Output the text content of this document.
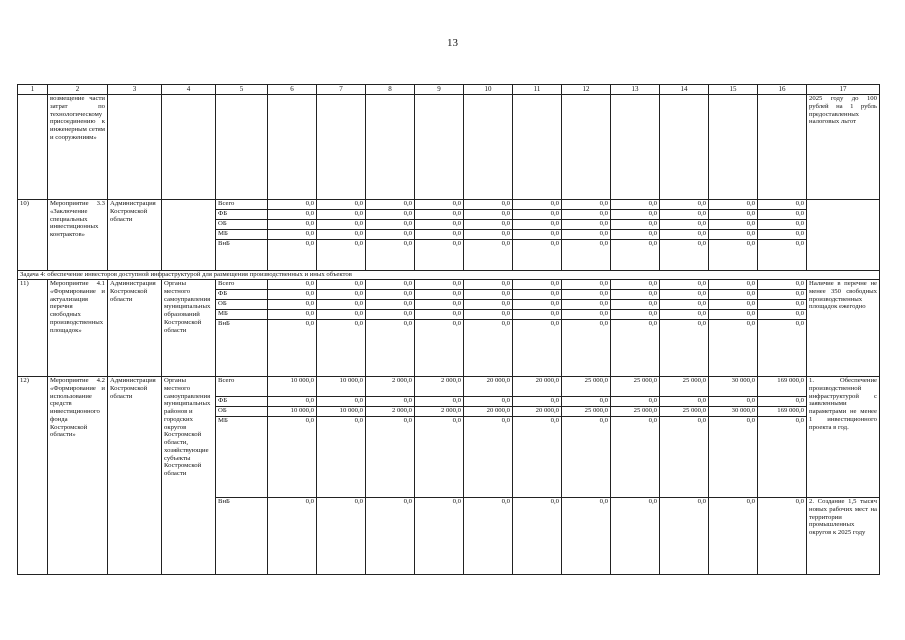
13
1	2	3	4	5	6	7	8	9	10	11	12	13	14	15	16	17
	возмещение части затрат по технологическому присоединению к инженерным сетям и сооружениям»															2025 году до 100 рублей на 1 рубль предоставленных налоговых льгот
10)	Мероприятие 3.3 «Заключение специальных инвестиционных контрактов»	Администрация Костромской области		Всего	0,0	0,0	0,0	0,0	0,0	0,0	0,0	0,0	0,0	0,0	0,0	
				ФБ	0,0	0,0	0,0	0,0	0,0	0,0	0,0	0,0	0,0	0,0	0,0	
				ОБ	0,0	0,0	0,0	0,0	0,0	0,0	0,0	0,0	0,0	0,0	0,0	
				МБ	0,0	0,0	0,0	0,0	0,0	0,0	0,0	0,0	0,0	0,0	0,0	
				ВнБ	0,0	0,0	0,0	0,0	0,0	0,0	0,0	0,0	0,0	0,0	0,0	
Задача 4: обеспечение инвесторов доступной инфраструктурой для размещения производственных и иных объектов																
11)	Мероприятие 4.1 «Формирование и актуализация перечня свободных производственных площадок»	Администрация Костромской области	Органы местного самоуправления муниципальных образований Костромской области	Всего	0,0	0,0	0,0	0,0	0,0	0,0	0,0	0,0	0,0	0,0	0,0	Наличие в перечне не менее 350 свободных производственных площадок ежегодно
				ФБ	0,0	0,0	0,0	0,0	0,0	0,0	0,0	0,0	0,0	0,0	0,0	
				ОБ	0,0	0,0	0,0	0,0	0,0	0,0	0,0	0,0	0,0	0,0	0,0	
				МБ	0,0	0,0	0,0	0,0	0,0	0,0	0,0	0,0	0,0	0,0	0,0	
				ВнБ	0,0	0,0	0,0	0,0	0,0	0,0	0,0	0,0	0,0	0,0	0,0	
12)	Мероприятие 4.2 «Формирование и использование средств инвестиционного фонда Костромской области»	Администрация Костромской области	Органы местного самоуправления муниципальных районов и городских округов Костромской области, хозяйствующие субъекты Костромской области	Всего	10 000,0	10 000,0	2 000,0	2 000,0	20 000,0	20 000,0	25 000,0	25 000,0	25 000,0	30 000,0	169 000,0	1. Обеспечение производственной инфраструктурой с заявленными параметрами не менее 1 инвестиционного проекта в год.
				ФБ	0,0	0,0	0,0	0,0	0,0	0,0	0,0	0,0	0,0	0,0	0,0	
				ОБ	10 000,0	10 000,0	2 000,0	2 000,0	20 000,0	20 000,0	25 000,0	25 000,0	25 000,0	30 000,0	169 000,0	
				МБ	0,0	0,0	0,0	0,0	0,0	0,0	0,0	0,0	0,0	0,0	0,0	
				ВнБ	0,0	0,0	0,0	0,0	0,0	0,0	0,0	0,0	0,0	0,0	0,0	2. Создание 1,5 тысяч новых рабочих мест на территории промышленных округов к 2025 году
